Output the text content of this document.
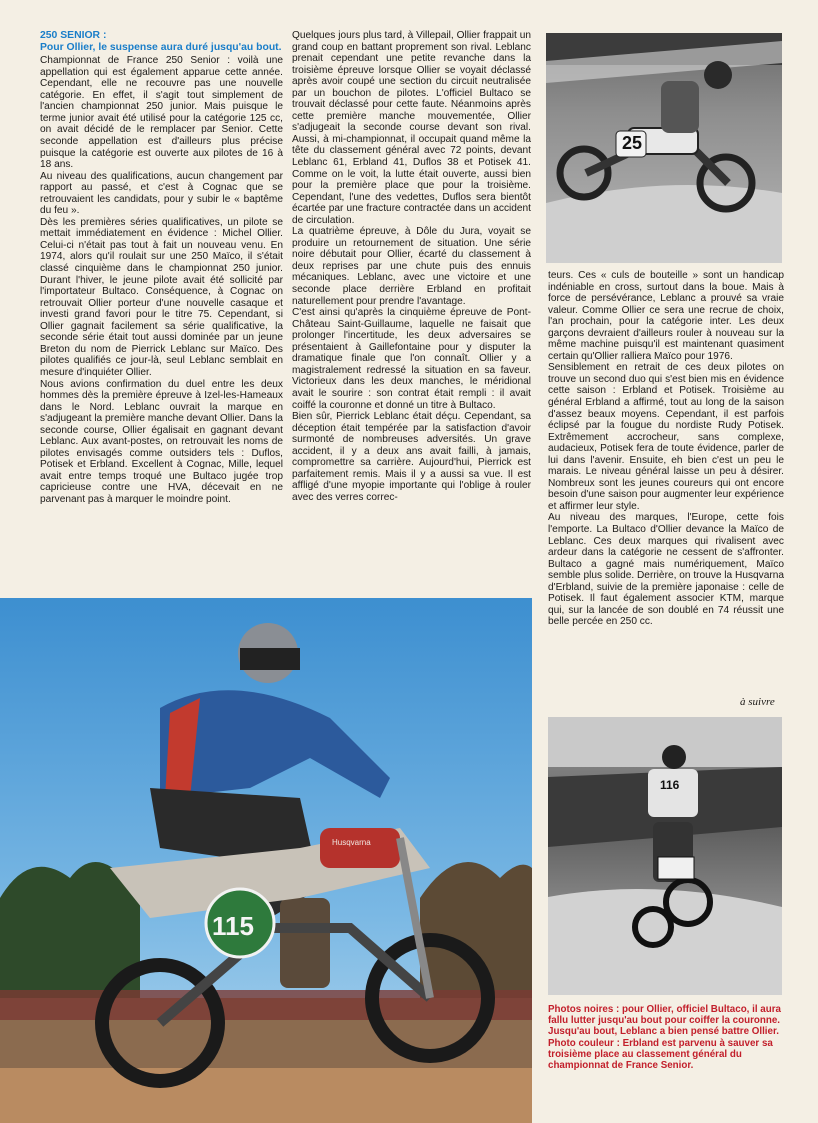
250 SENIOR :

Pour Ollier, le suspense aura duré jusqu'au bout.

Championnat de France 250 Senior : voilà une appellation qui est également apparue cette année. Cependant, elle ne recouvre pas une nouvelle catégorie. En effet, il s'agit tout simplement de l'ancien championnat 250 junior. Mais puisque le terme junior avait été utilisé pour la catégorie 125 cc, on avait décidé de le remplacer par Senior. Cette seconde appellation est d'ailleurs plus précise puisque la catégorie est ouverte aux pilotes de 16 à 18 ans.

Au niveau des qualifications, aucun changement par rapport au passé, et c'est à Cognac que se retrouvaient les candidats, pour y subir le « baptême du feu ».

Dès les premières séries qualificatives, un pilote se mettait immédiatement en évidence : Michel Ollier. Celui-ci n'était pas tout à fait un nouveau venu. En 1974, alors qu'il roulait sur une 250 Maïco, il s'était classé cinquième dans le championnat 250 junior. Durant l'hiver, le jeune pilote avait été sollicité par l'importateur Bultaco. Conséquence, à Cognac on retrouvait Ollier porteur d'une nouvelle casaque et investi grand favori pour le titre 75. Cependant, si Ollier gagnait facilement sa série qualificative, la seconde série était tout aussi dominée par un jeune Breton du nom de Pierrick Leblanc sur Maïco. Des pilotes qualifiés ce jour-là, seul Leblanc semblait en mesure d'inquiéter Ollier.

Nous avions confirmation du duel entre les deux hommes dès la première épreuve à Izel-les-Hameaux dans le Nord. Leblanc ouvrait la marque en s'adjugeant la première manche devant Ollier. Dans la seconde course, Ollier égalisait en gagnant devant Leblanc. Aux avant-postes, on retrouvait les noms de pilotes envisagés comme outsiders tels : Duflos, Potisek et Erbland. Excellent à Cognac, Mille, lequel avait entre temps troqué une Bultaco jugée trop capricieuse contre une HVA, décevait en ne parvenant pas à marquer le moindre point.

Quelques jours plus tard, à Villepail, Ollier frappait un grand coup en battant proprement son rival. Leblanc prenait cependant une petite revanche dans la troisième épreuve lorsque Ollier se voyait déclassé après avoir coupé une section du circuit neutralisée par un bouchon de pilotes. L'officiel Bultaco se trouvait déclassé pour cette faute. Néanmoins après cette première manche mouvementée, Ollier s'adjugeait la seconde course devant son rival. Aussi, à mi-championnat, il occupait quand même la tête du classement général avec 72 points, devant Leblanc 61, Erbland 41, Duflos 38 et Potisek 41. Comme on le voit, la lutte était ouverte, aussi bien pour la première place que pour la troisième. Cependant, l'une des vedettes, Duflos sera bientôt écartée par une fracture contractée dans un accident de circulation.

La quatrième épreuve, à Dôle du Jura, voyait se produire un retournement de situation. Une série noire débutait pour Ollier, écarté du classement à deux reprises par une chute puis des ennuis mécaniques. Leblanc, avec une victoire et une seconde place derrière Erbland en profitait naturellement pour prendre l'avantage.

C'est ainsi qu'après la cinquième épreuve de Pont-Château Saint-Guillaume, laquelle ne faisait que prolonger l'incertitude, les deux adversaires se présentaient à Gaillefontaine pour y disputer la dramatique finale que l'on connaît. Ollier y a magistralement redressé la situation en sa faveur. Victorieux dans les deux manches, le méridional avait le sourire : son contrat était rempli : il avait coiffé la couronne et donné un titre à Bultaco.

Bien sûr, Pierrick Leblanc était déçu. Cependant, sa déception était tempérée par la satisfaction d'avoir surmonté de nombreuses adversités. Un grave accident, il y a deux ans avait failli, à jamais, compromettre sa carrière. Aujourd'hui, Pierrick est parfaitement remis. Mais il y a aussi sa vue. Il est affligé d'une myopie importante qui l'oblige à rouler avec des verres correc-

teurs. Ces « culs de bouteille » sont un handicap indéniable en cross, surtout dans la boue. Mais à force de persévérance, Leblanc a prouvé sa vraie valeur. Comme Ollier ce sera une recrue de choix, l'an prochain, pour la catégorie inter. Les deux garçons devraient d'ailleurs rouler à nouveau sur la même machine puisqu'il est maintenant quasiment certain qu'Ollier ralliera Maïco pour 1976.

Sensiblement en retrait de ces deux pilotes on trouve un second duo qui s'est bien mis en évidence cette saison : Erbland et Potisek. Troisième au général Erbland a affirmé, tout au long de la saison d'assez beaux moyens. Cependant, il est parfois éclipsé par la fougue du nordiste Rudy Potisek. Extrêmement accrocheur, sans complexe, audacieux, Potisek fera de toute évidence, parler de lui dans l'avenir. Ensuite, eh bien c'est un peu le marais. Le niveau général laisse un peu à désirer. Nombreux sont les jeunes coureurs qui ont encore besoin d'une saison pour augmenter leur expérience et affirmer leur style.

Au niveau des marques, l'Europe, cette fois l'emporte. La Bultaco d'Ollier devance la Maïco de Leblanc. Ces deux marques qui rivalisent avec ardeur dans la catégorie ne cessent de s'affronter. Bultaco a gagné mais numériquement, Maïco semble plus solide. Derrière, on trouve la Husqvarna d'Erbland, suivie de la première japonaise : celle de Potisek. Il faut également associer KTM, marque qui, sur la lancée de son doublé en 74 réussit une belle percée en 250 cc.

à suivre
25
115
Husqvarna
116

Photos noires : pour Ollier, officiel Bultaco, il aura fallu lutter jusqu'au bout pour coiffer la couronne.

Jusqu'au bout, Leblanc a bien pensé battre Ollier.

Photo couleur : Erbland est parvenu à sauver sa troisième place au classement général du championnat de France Senior.
